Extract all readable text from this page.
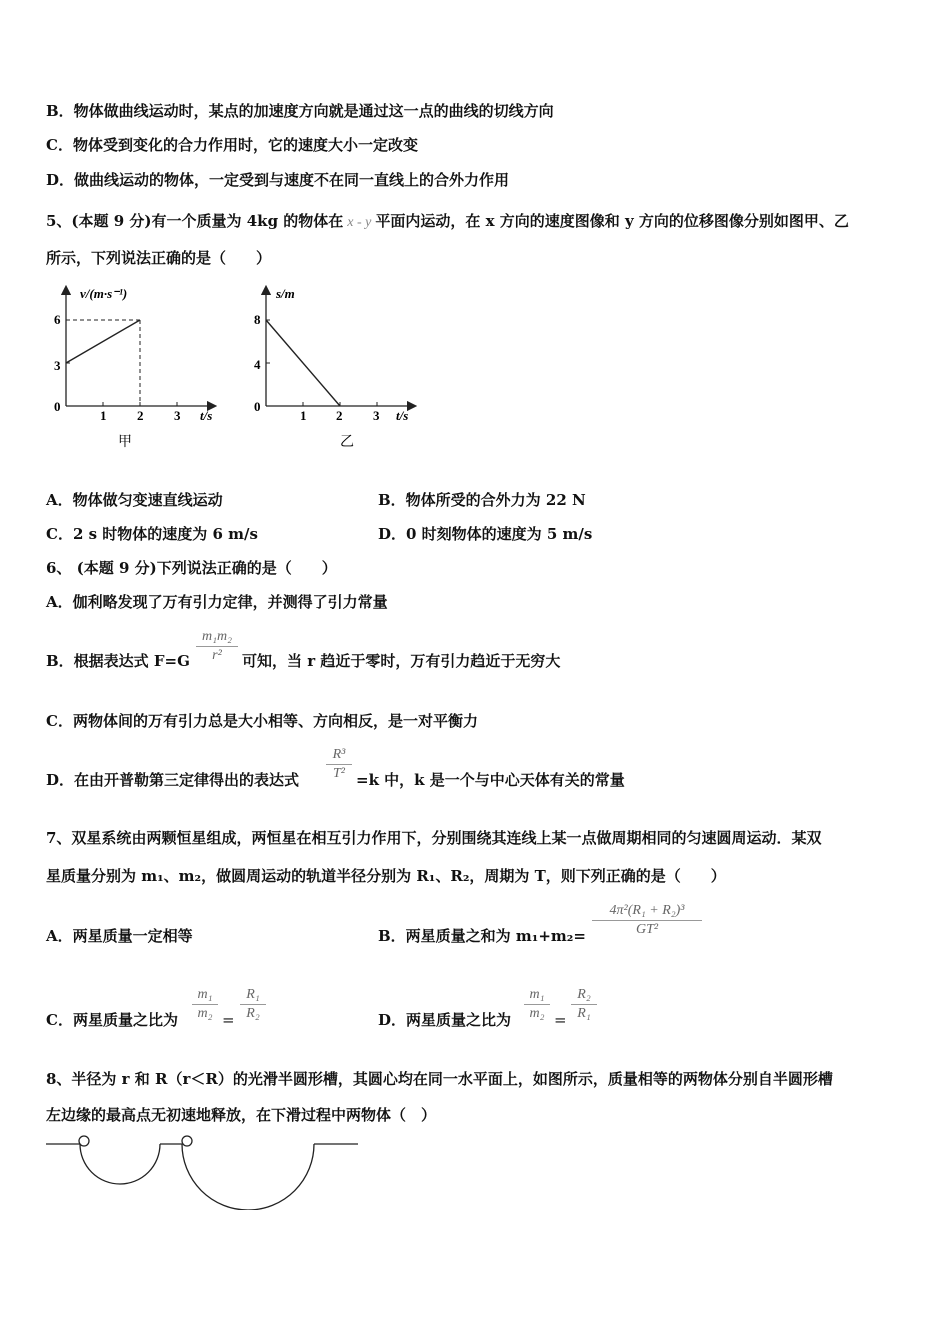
B．物体做曲线运动时，某点的加速度方向就是通过这一点的曲线的切线方向
C．物体受到变化的合力作用时，它的速度大小一定改变
D．做曲线运动的物体，一定受到与速度不在同一直线上的合外力作用
5、(本题 9 分)有一个质量为 4kg 的物体在 x - y 平面内运动，在 x 方向的速度图像和 y 方向的位移图像分别如图甲、乙
所示，下列说法正确的是（　　）
v/(m·s⁻¹)
t/s
0
6
3
1 2 3
甲
s/m
t/s
0
8
4
1 2 3
乙
A．物体做匀变速直线运动	B．物体所受的合外力为 22 N
C．2 s 时物体的速度为 6 m/s	D．0 时刻物体的速度为 5 m/s
6、 (本题 9 分)下列说法正确的是（　　）
A．伽利略发现了万有引力定律，并测得了引力常量
B．根据表达式 F=G
m₁m₂
r²	可知，当 r 趋近于零时，万有引力趋近于无穷大
C．两物体间的万有引力总是大小相等、方向相反，是一对平衡力
D．在由开普勒第三定律得出的表达式
R³
T² =k 中，k 是一个与中心天体有关的常量
7、双星系统由两颗恒星组成，两恒星在相互引力作用下，分别围绕其连线上某一点做周期相同的匀速圆周运动．某双
星质量分别为 m₁、m₂，做圆周运动的轨道半径分别为 R₁、R₂，周期为 T，则下列正确的是（　　）
A．两星质量一定相等	B．两星质量之和为 m₁+m₂=
4π²(R₁ + R₂)³
GT²
C．两星质量之比为
m₁
m₂ =
R₁
R₂	D．两星质量之比为
m₁
m₂ =
R₂
R₁
8、半径为 r 和 R（r＜R）的光滑半圆形槽，其圆心均在同一水平面上，如图所示，质量相等的两物体分别自半圆形槽
左边缘的最高点无初速地释放，在下滑过程中两物体（　）
